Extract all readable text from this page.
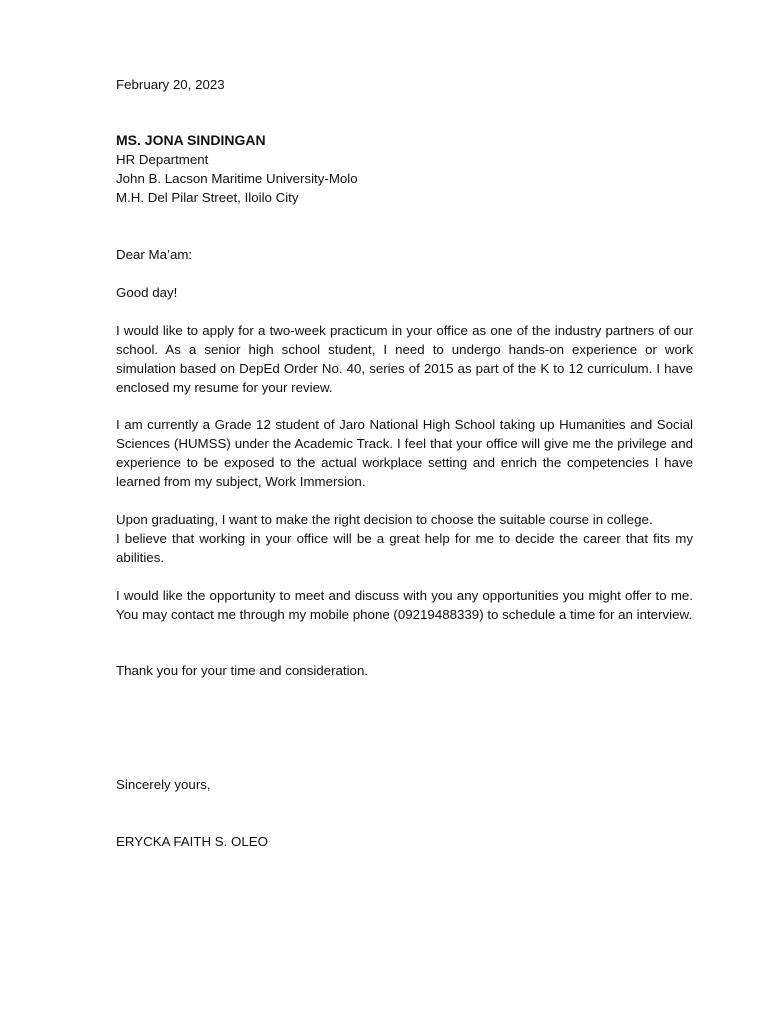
February 20, 2023
MS. JONA SINDINGAN
HR Department
John B. Lacson Maritime University-Molo
M.H. Del Pilar Street, Iloilo City
Dear Ma’am:
Good day!
I would like to apply for a two-week practicum in your office as one of the industry partners of our school. As a senior high school student, I need to undergo hands-on experience or work simulation based on DepEd Order No. 40, series of 2015 as part of the K to 12 curriculum. I have enclosed my resume for your review.
I am currently a Grade 12 student of Jaro National High School taking up Humanities and Social Sciences (HUMSS) under the Academic Track. I feel that your office will give me the privilege and experience to be exposed to the actual workplace setting and enrich the competencies I have learned from my subject, Work Immersion.
Upon graduating, I want to make the right decision to choose the suitable course in college.
I believe that working in your office will be a great help for me to decide the career that fits my abilities.
I would like the opportunity to meet and discuss with you any opportunities you might offer to me. You may contact me through my mobile phone (09219488339) to schedule a time for an interview.
Thank you for your time and consideration.
Sincerely yours,
ERYCKA FAITH S. OLEO
